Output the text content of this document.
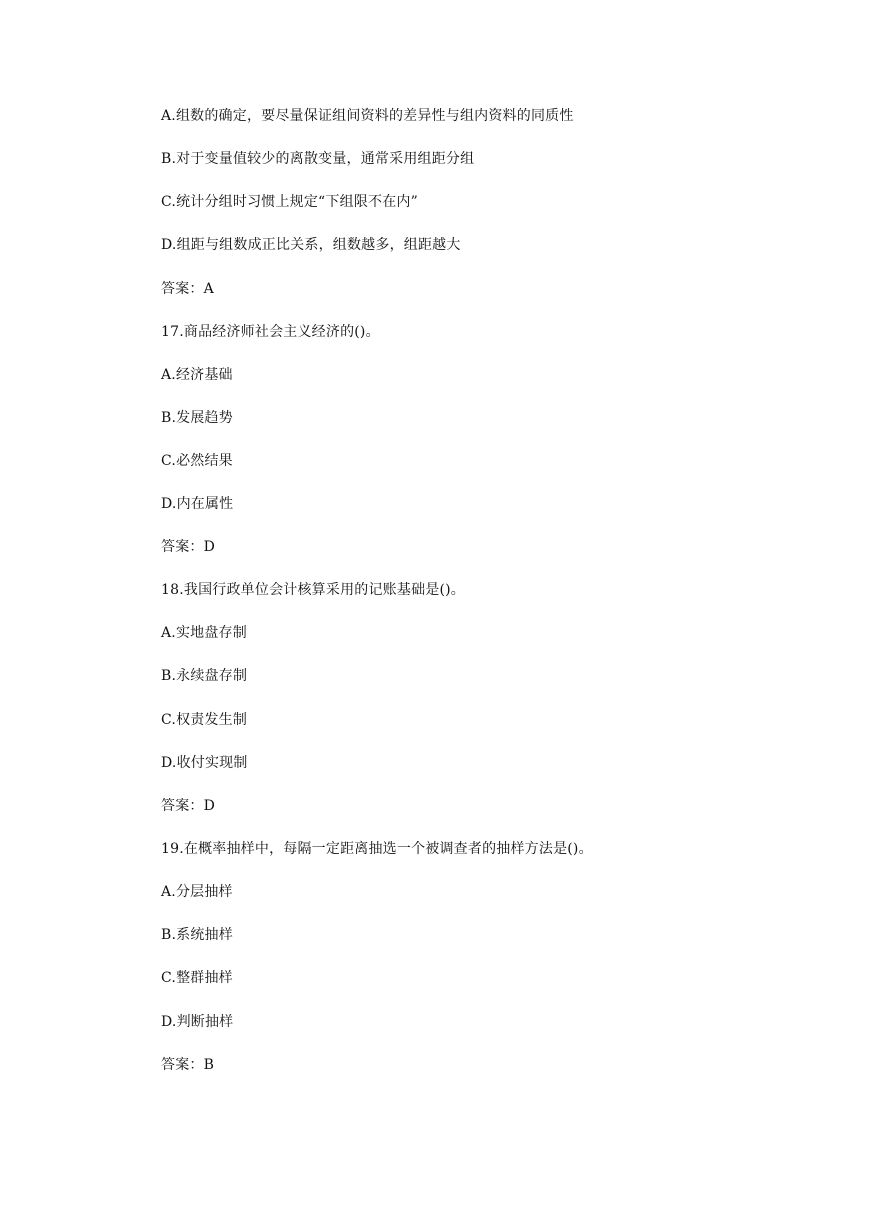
A.组数的确定，要尽量保证组间资料的差异性与组内资料的同质性
B.对于变量值较少的离散变量，通常采用组距分组
C.统计分组时习惯上规定“下组限不在内”
D.组距与组数成正比关系，组数越多，组距越大
答案：A
17.商品经济师社会主义经济的()。
A.经济基础
B.发展趋势
C.必然结果
D.内在属性
答案：D
18.我国行政单位会计核算采用的记账基础是()。
A.实地盘存制
B.永续盘存制
C.权责发生制
D.收付实现制
答案：D
19.在概率抽样中，每隔一定距离抽选一个被调查者的抽样方法是()。
A.分层抽样
B.系统抽样
C.整群抽样
D.判断抽样
答案：B
